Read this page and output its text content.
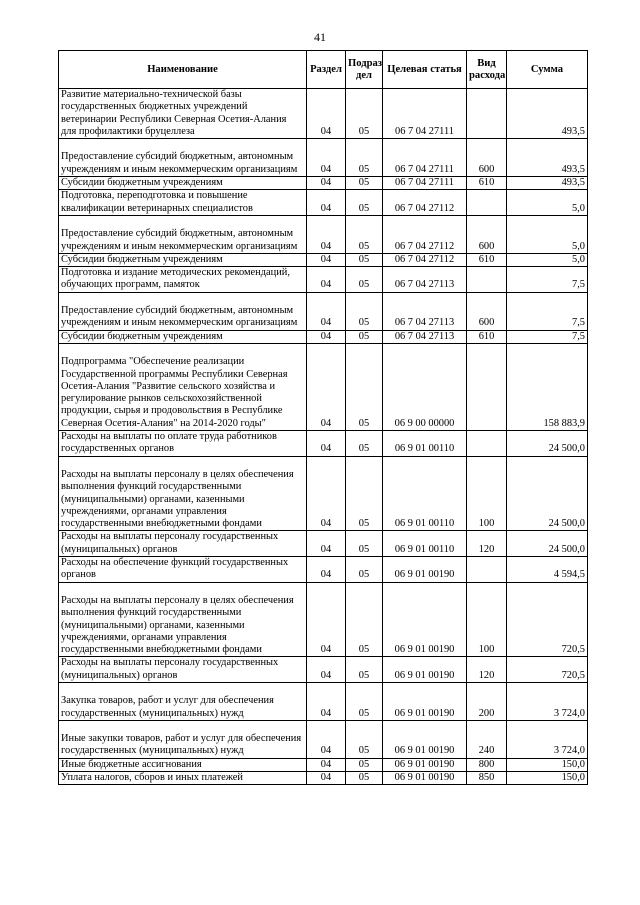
41
Наименование	Раздел	Подраз дел	Целевая статья	Вид расхода	Сумма
Развитие материально-технической базы государственных бюджетных учреждений ветеринарии Республики Северная Осетия-Алания для профилактики бруцеллеза	04	05	06 7 04 27111		493,5
Предоставление субсидий бюджетным, автономным учреждениям и иным некоммерческим организациям	04	05	06 7 04 27111	600	493,5
Субсидии бюджетным учреждениям	04	05	06 7 04 27111	610	493,5
Подготовка, переподготовка и повышение квалификации ветеринарных специалистов	04	05	06 7 04 27112		5,0
Предоставление субсидий бюджетным, автономным учреждениям и иным некоммерческим организациям	04	05	06 7 04 27112	600	5,0
Субсидии бюджетным учреждениям	04	05	06 7 04 27112	610	5,0
Подготовка и издание методических рекомендаций, обучающих программ, памяток	04	05	06 7 04 27113		7,5
Предоставление субсидий бюджетным, автономным учреждениям и иным некоммерческим организациям	04	05	06 7 04 27113	600	7,5
Субсидии бюджетным учреждениям	04	05	06 7 04 27113	610	7,5
Подпрограмма "Обеспечение реализации Государственной программы Республики Северная Осетия-Алания "Развитие сельского хозяйства и регулирование рынков сельскохозяйственной продукции, сырья и продовольствия в Республике Северная Осетия-Алания" на 2014-2020 годы"	04	05	06 9 00 00000		158 883,9
Расходы на выплаты по оплате труда работников государственных органов	04	05	06 9 01 00110		24 500,0
Расходы на выплаты персоналу в целях обеспечения выполнения функций государственными (муниципальными) органами, казенными учреждениями, органами управления государственными внебюджетными фондами	04	05	06 9 01 00110	100	24 500,0
Расходы на выплаты персоналу государственных (муниципальных) органов	04	05	06 9 01 00110	120	24 500,0
Расходы на обеспечение функций государственных органов	04	05	06 9 01 00190		4 594,5
Расходы на выплаты персоналу в целях обеспечения выполнения функций государственными (муниципальными) органами, казенными учреждениями, органами управления государственными внебюджетными фондами	04	05	06 9 01 00190	100	720,5
Расходы на выплаты персоналу государственных (муниципальных) органов	04	05	06 9 01 00190	120	720,5
Закупка товаров, работ и услуг для обеспечения государственных (муниципальных) нужд	04	05	06 9 01 00190	200	3 724,0
Иные закупки товаров, работ и услуг для обеспечения государственных (муниципальных) нужд	04	05	06 9 01 00190	240	3 724,0
Иные бюджетные ассигнования	04	05	06 9 01 00190	800	150,0
Уплата налогов, сборов и иных платежей	04	05	06 9 01 00190	850	150,0
